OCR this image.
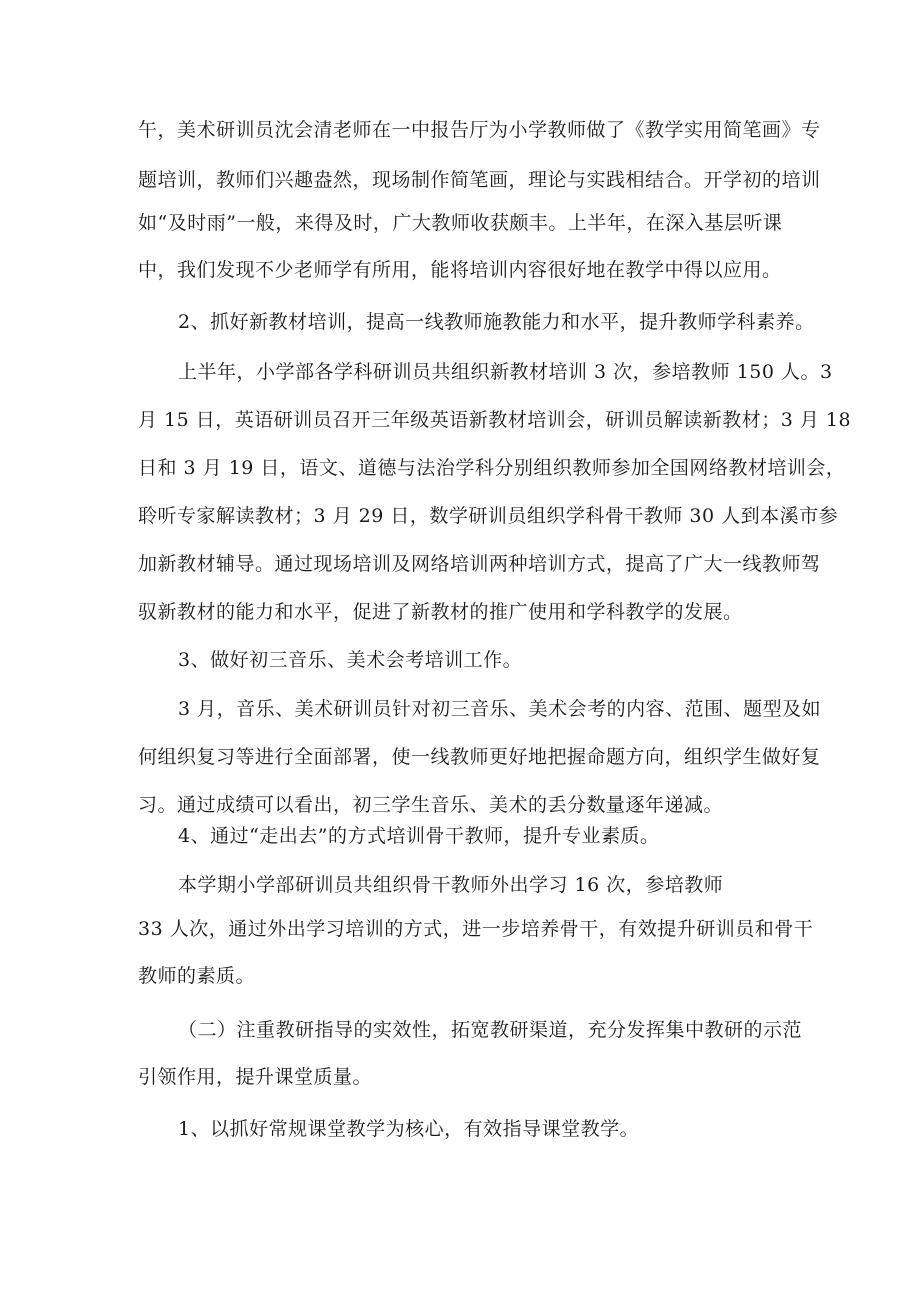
午，美术研训员沈会清老师在一中报告厅为小学教师做了《教学实用简笔画》专
题培训，教师们兴趣盎然，现场制作简笔画，理论与实践相结合。开学初的培训
如“及时雨”一般，来得及时，广大教师收获颇丰。上半年，在深入基层听课
中，我们发现不少老师学有所用，能将培训内容很好地在教学中得以应用。
2、抓好新教材培训，提高一线教师施教能力和水平，提升教师学科素养。
上半年，小学部各学科研训员共组织新教材培训 3 次，参培教师 150 人。3
月 15 日，英语研训员召开三年级英语新教材培训会，研训员解读新教材；3 月 18
日和 3 月 19 日，语文、道德与法治学科分别组织教师参加全国网络教材培训会，
聆听专家解读教材；3 月 29 日，数学研训员组织学科骨干教师 30 人到本溪市参
加新教材辅导。通过现场培训及网络培训两种培训方式，提高了广大一线教师驾
驭新教材的能力和水平，促进了新教材的推广使用和学科教学的发展。
3、做好初三音乐、美术会考培训工作。
3 月，音乐、美术研训员针对初三音乐、美术会考的内容、范围、题型及如
何组织复习等进行全面部署，使一线教师更好地把握命题方向，组织学生做好复
习。通过成绩可以看出，初三学生音乐、美术的丢分数量逐年递减。
4、通过“走出去”的方式培训骨干教师，提升专业素质。
本学期小学部研训员共组织骨干教师外出学习 16 次，参培教师
33 人次，通过外出学习培训的方式，进一步培养骨干，有效提升研训员和骨干
教师的素质。
（二）注重教研指导的实效性，拓宽教研渠道，充分发挥集中教研的示范
引领作用，提升课堂质量。
1、以抓好常规课堂教学为核心，有效指导课堂教学。
